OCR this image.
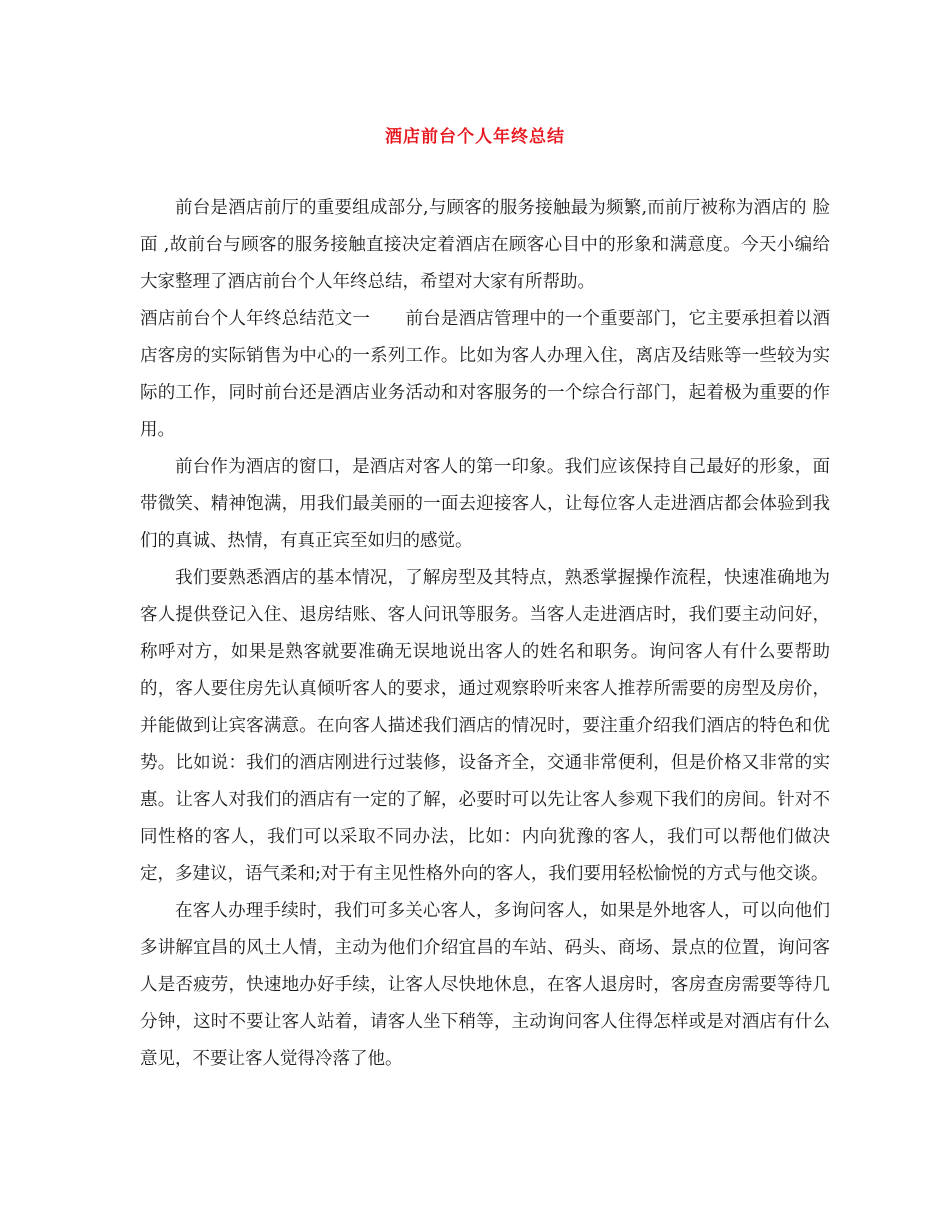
酒店前台个人年终总结

前台是酒店前厅的重要组成部分,与顾客的服务接触最为频繁,而前厅被称为酒店的 脸面 ,故前台与顾客的服务接触直接决定着酒店在顾客心目中的形象和满意度。今天小编给大家整理了酒店前台个人年终总结，希望对大家有所帮助。

酒店前台个人年终总结范文一　　前台是酒店管理中的一个重要部门，它主要承担着以酒店客房的实际销售为中心的一系列工作。比如为客人办理入住，离店及结账等一些较为实际的工作，同时前台还是酒店业务活动和对客服务的一个综合行部门，起着极为重要的作用。

前台作为酒店的窗口，是酒店对客人的第一印象。我们应该保持自己最好的形象，面带微笑、精神饱满，用我们最美丽的一面去迎接客人，让每位客人走进酒店都会体验到我们的真诚、热情，有真正宾至如归的感觉。

我们要熟悉酒店的基本情况，了解房型及其特点，熟悉掌握操作流程，快速准确地为客人提供登记入住、退房结账、客人问讯等服务。当客人走进酒店时，我们要主动问好，称呼对方，如果是熟客就要准确无误地说出客人的姓名和职务。询问客人有什么要帮助的，客人要住房先认真倾听客人的要求，通过观察聆听来客人推荐所需要的房型及房价，并能做到让宾客满意。在向客人描述我们酒店的情况时，要注重介绍我们酒店的特色和优势。比如说：我们的酒店刚进行过装修，设备齐全，交通非常便利，但是价格又非常的实惠。让客人对我们的酒店有一定的了解，必要时可以先让客人参观下我们的房间。针对不同性格的客人，我们可以采取不同办法，比如：内向犹豫的客人，我们可以帮他们做决定，多建议，语气柔和;对于有主见性格外向的客人，我们要用轻松愉悦的方式与他交谈。

在客人办理手续时，我们可多关心客人，多询问客人，如果是外地客人，可以向他们多讲解宜昌的风土人情，主动为他们介绍宜昌的车站、码头、商场、景点的位置，询问客人是否疲劳，快速地办好手续，让客人尽快地休息，在客人退房时，客房查房需要等待几分钟，这时不要让客人站着，请客人坐下稍等，主动询问客人住得怎样或是对酒店有什么意见，不要让客人觉得冷落了他。
